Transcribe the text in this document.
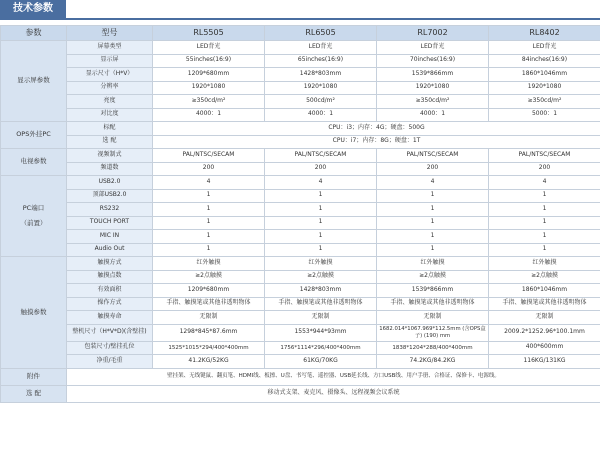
技术参数
参数	型号	RL5505	RL6505	RL7002	RL8402
显示屏参数	屏幕类型	LED背光	LED背光	LED背光	LED背光
	显示屏	55inches(16:9)	65inches(16:9)	70inches(16:9)	84inches(16:9)
	显示尺寸（H*V）	1209*680mm	1428*803mm	1539*866mm	1860*1046mm
	分辨率	1920*1080	1920*1080	1920*1080	1920*1080
	亮度	≥350cd/m²	500cd/m²	≥350cd/m²	≥350cd/m²
	对比度	4000：1	4000：1	4000：1	5000：1
OPS外挂PC	标配	CPU：i3；内存：4G；硬盘：500G			
	选 配	CPU：i7；内存：8G；硬盘：1T			
电视参数	视频制式	PAL/NTSC/SECAM	PAL/NTSC/SECAM	PAL/NTSC/SECAM	PAL/NTSC/SECAM
	频道数	200	200	200	200
PC端口

（前置）	USB2.0	4	4	4	4
	顶部USB2.0	1	1	1	1
	RS232	1	1	1	1
	TOUCH PORT	1	1	1	1
	MIC IN	1	1	1	1
	Audio Out	1	1	1	1
触摸参数	触摸方式	红外触摸	红外触摸	红外触摸	红外触摸
	触摸点数	≥2点触摸	≥2点触摸	≥2点触摸	≥2点触摸
	有效面积	1209*680mm	1428*803mm	1539*866mm	1860*1046mm
	操作方式	手指、触摸笔或其他非透明物体	手指、触摸笔或其他非透明物体	手指、触摸笔或其他非透明物体	手指、触摸笔或其他非透明物体
	触摸寿命	无限制	无限制	无限制	无限制
	整机尺寸（H*V*D)(含壁挂)	1298*845*87.6mm	1553*944*93mm	1682.014*1067.969*112.5mm (含OPS盒子) (190) mm	2009.2*1252.96*100.1mm
	包装尺寸/壁挂孔位	1525*1015*294/400*400mm	1756*1114*296/400*400mm	1838*1204*288/400*400mm	400*600mm
	净重/毛重	41.2KG/52KG	61KG/70KG	74.2KG/84.2KG	116KG/131KG
附件	壁挂架、无线键鼠、翻页笔、HDMI线、板擦、U盘、书写笔、遥控器、USB延长线、方口USB线、用户手册、合格证、保修卡、电源线。				
选 配	移动式支架、麦克风、摄像头、远程视频会议系统				
